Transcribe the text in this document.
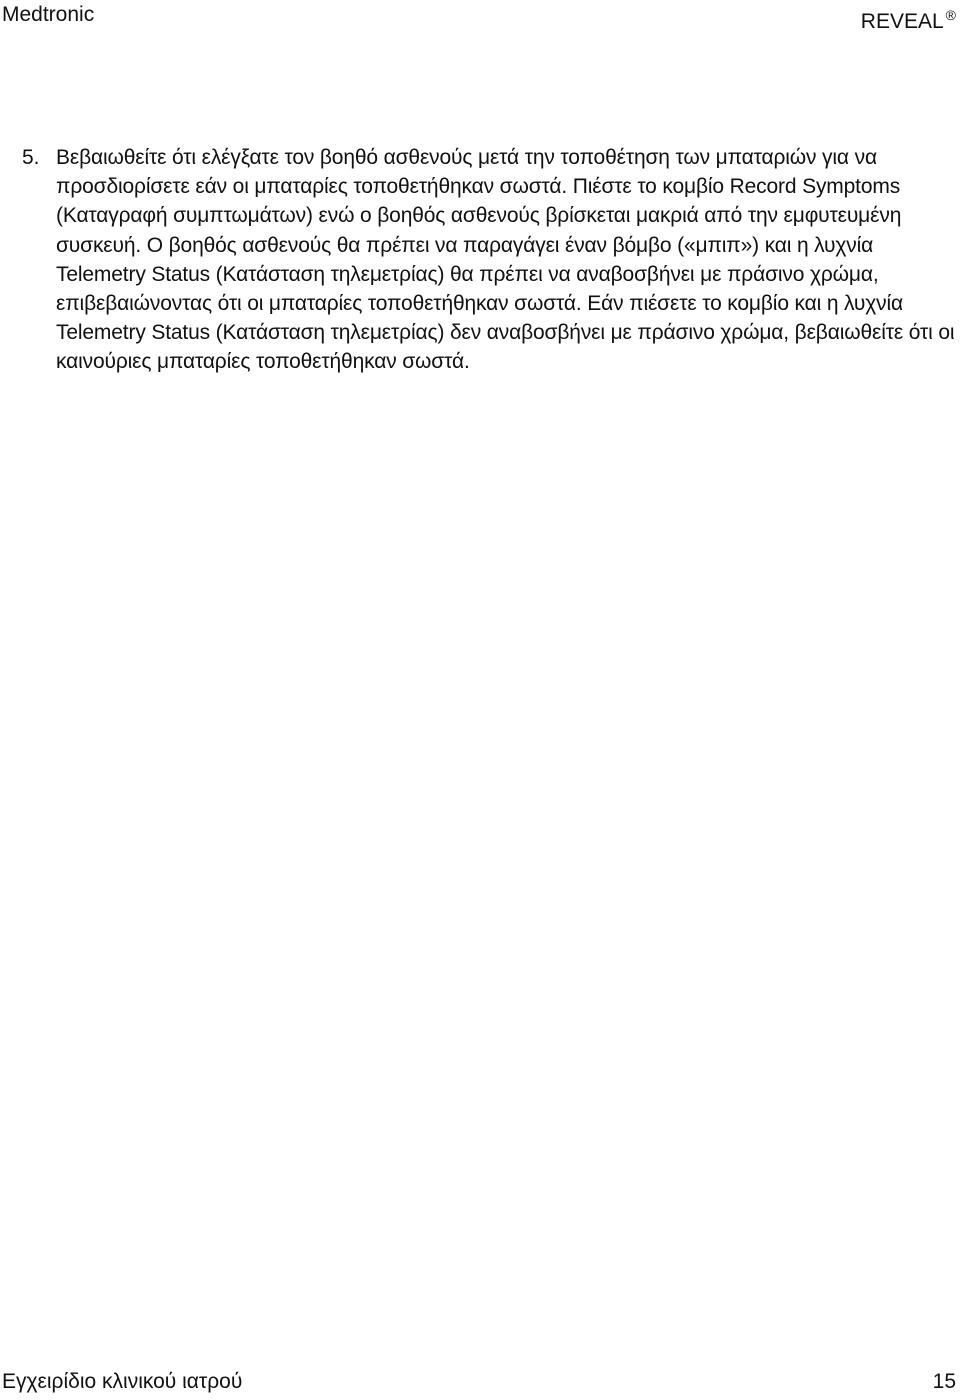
Medtronic	REVEAL ®
5. Βεβαιωθείτε ότι ελέγξατε τον βοηθό ασθενούς μετά την τοποθέτηση των μπαταριών για να προσδιορίσετε εάν οι μπαταρίες τοποθετήθηκαν σωστά. Πιέστε το κομβίο Record Symptoms (Καταγραφή συμπτωμάτων) ενώ ο βοηθός ασθενούς βρίσκεται μακριά από την εμφυτευμένη συσκευή. Ο βοηθός ασθενούς θα πρέπει να παραγάγει έναν βόμβο («μπιπ») και η λυχνία Telemetry Status (Κατάσταση τηλεμετρίας) θα πρέπει να αναβοσβήνει με πράσινο χρώμα, επιβεβαιώνοντας ότι οι μπαταρίες τοποθετήθηκαν σωστά. Εάν πιέσετε το κομβίο και η λυχνία Telemetry Status (Κατάσταση τηλεμετρίας) δεν αναβοσβήνει με πράσινο χρώμα, βεβαιωθείτε ότι οι καινούριες μπαταρίες τοποθετήθηκαν σωστά.
Εγχειρίδιο κλινικού ιατρού	15
